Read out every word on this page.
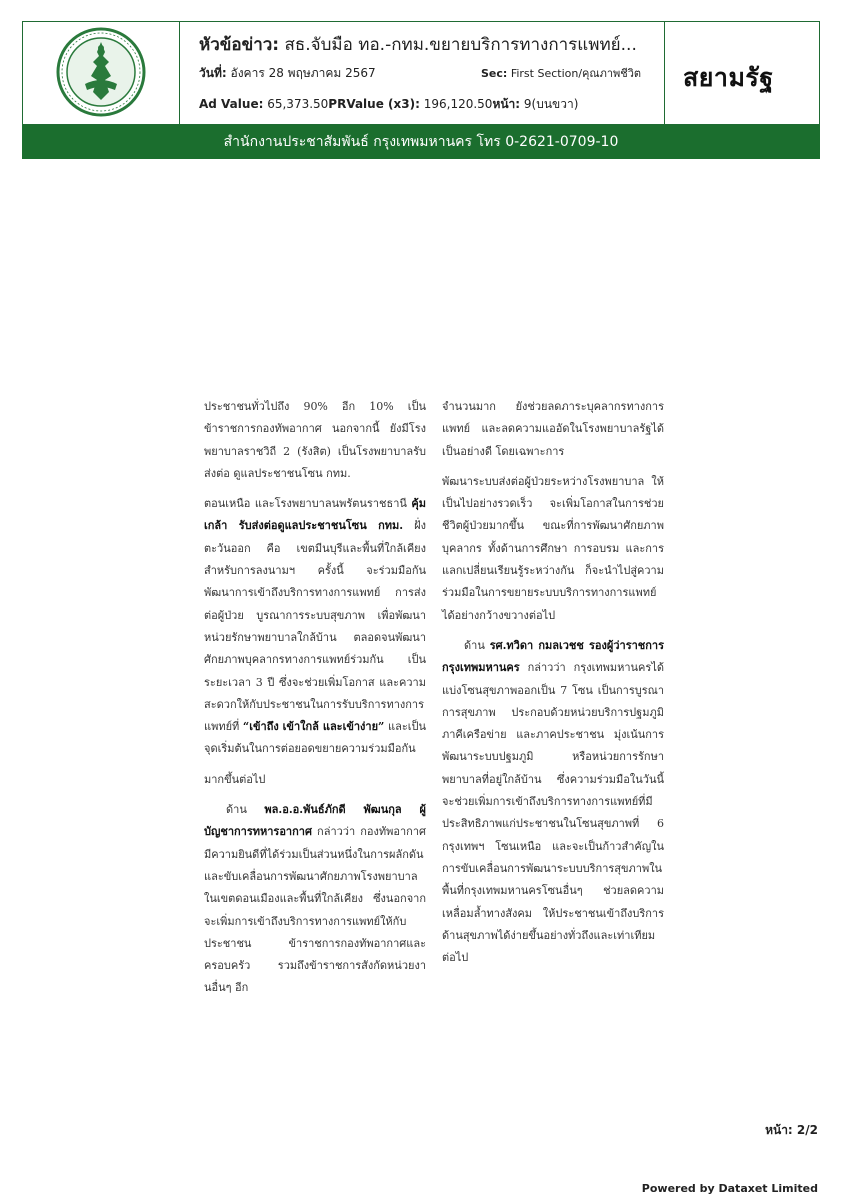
หัวข้อข่าว: สธ.จับมือ ทอ.-กทม.ขยายบริการทางการแพทย์...
วันที่: อังคาร 28 พฤษภาคม 2567	Sec: First Section/คุณภาพชีวิต
Ad Value: 65,373.50PRValue (x3): 196,120.50หน้า: 9(บนขวา)
สยามรัฐ
สำนักงานประชาสัมพันธ์ กรุงเทพมหานคร โทร 0-2621-0709-10

ประชาชนทั่วไปถึง 90% อีก 10% เป็นข้าราชการกองทัพอากาศ นอกจากนี้ ยังมีโรงพยาบาลราชวิถี 2 (รังสิต) เป็นโรงพยาบาลรับส่งต่อ ดูแลประชาชนโซน กทม.

ตอนเหนือ และโรงพยาบาลนพรัตนราชธานี คุ้มเกล้า รับส่งต่อดูแลประชาชนโซน กทม. ฝั่งตะวันออก คือ เขตมีนบุรีและพื้นที่ใกล้เคียง สำหรับการลงนามฯ ครั้งนี้ จะร่วมมือกันพัฒนาการเข้าถึงบริการทางการแพทย์ การส่งต่อผู้ป่วย บูรณาการระบบสุขภาพ เพื่อพัฒนาหน่วยรักษาพยาบาลใกล้บ้าน ตลอดจนพัฒนาศักยภาพบุคลากรทางการแพทย์ร่วมกัน เป็นระยะเวลา 3 ปี ซึ่งจะช่วยเพิ่มโอกาส และความสะดวกให้กับประชาชนในการรับบริการทางการแพทย์ที่ “เข้าถึง เข้าใกล้ และเข้าง่าย” และเป็นจุดเริ่มต้นในการต่อยอดขยายความร่วมมือกัน

มากขึ้นต่อไป

ด้าน พล.อ.อ.พันธ์ภักดี พัฒนกุล ผู้บัญชาการทหารอากาศ กล่าวว่า กองทัพอากาศมีความยินดีที่ได้ร่วมเป็นส่วนหนึ่งในการผลักดันและขับเคลื่อนการพัฒนาศักยภาพโรงพยาบาลในเขตดอนเมืองและพื้นที่ใกล้เคียง ซึ่งนอกจากจะเพิ่มการเข้าถึงบริการทางการแพทย์ให้กับประชาชน ข้าราชการกองทัพอากาศและครอบครัว รวมถึงข้าราชการสังกัดหน่วยงานอื่นๆ อีก

จำนวนมาก ยังช่วยลดภาระบุคลากรทางการแพทย์ และลดความแออัดในโรงพยาบาลรัฐได้เป็นอย่างดี โดยเฉพาะการ

พัฒนาระบบส่งต่อผู้ป่วยระหว่างโรงพยาบาล ให้เป็นไปอย่างรวดเร็ว จะเพิ่มโอกาสในการช่วยชีวิตผู้ป่วยมากขึ้น ขณะที่การพัฒนาศักยภาพบุคลากร ทั้งด้านการศึกษา การอบรม และการแลกเปลี่ยนเรียนรู้ระหว่างกัน ก็จะนำไปสู่ความร่วมมือในการขยายระบบบริการทางการแพทย์ได้อย่างกว้างขวางต่อไป

ด้าน รศ.ทวิดา กมลเวชช รองผู้ว่าราชการกรุงเทพมหานคร กล่าวว่า กรุงเทพมหานครได้แบ่งโซนสุขภาพออกเป็น 7 โซน เป็นการบูรณาการสุขภาพ ประกอบด้วยหน่วยบริการปฐมภูมิ ภาคีเครือข่าย และภาคประชาชน มุ่งเน้นการพัฒนาระบบปฐมภูมิ หรือหน่วยการรักษาพยาบาลที่อยู่ใกล้บ้าน ซึ่งความร่วมมือในวันนี้ จะช่วยเพิ่มการเข้าถึงบริการทางการแพทย์ที่มีประสิทธิภาพแก่ประชาชนในโซนสุขภาพที่ 6 กรุงเทพฯ โซนเหนือ และจะเป็นก้าวสำคัญในการขับเคลื่อนการพัฒนาระบบบริการสุขภาพในพื้นที่กรุงเทพมหานครโซนอื่นๆ ช่วยลดความเหลื่อมล้ำทางสังคม ให้ประชาชนเข้าถึงบริการด้านสุขภาพได้ง่ายขึ้นอย่างทั่วถึงและเท่าเทียมต่อไป

หน้า: 2/2
Powered by Dataxet Limited
